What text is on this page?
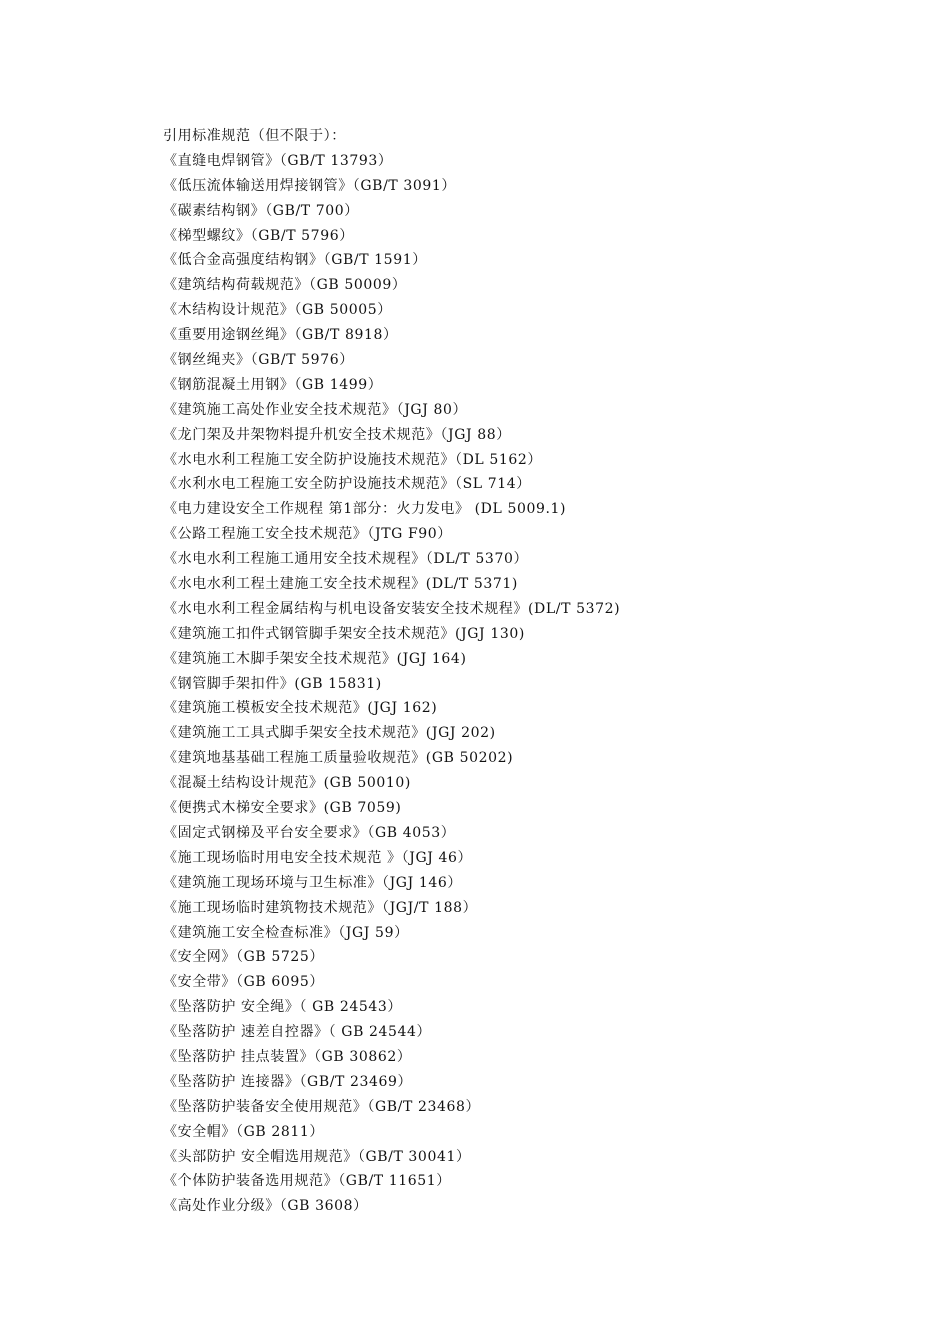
引用标准规范（但不限于）：
《直缝电焊钢管》（GB/T 13793）
《低压流体输送用焊接钢管》（GB/T 3091）
《碳素结构钢》（GB/T 700）
《梯型螺纹》（GB/T 5796）
《低合金高强度结构钢》（GB/T 1591）
《建筑结构荷载规范》（GB 50009）
《木结构设计规范》（GB 50005）
《重要用途钢丝绳》（GB/T 8918）
《钢丝绳夹》（GB/T 5976）
《钢筋混凝土用钢》（GB 1499）
《建筑施工高处作业安全技术规范》（JGJ 80）
《龙门架及井架物料提升机安全技术规范》（JGJ 88）
《水电水利工程施工安全防护设施技术规范》（DL 5162）
《水利水电工程施工安全防护设施技术规范》（SL 714）
《电力建设安全工作规程 第1部分：火力发电》 (DL 5009.1)
《公路工程施工安全技术规范》（JTG F90）
《水电水利工程施工通用安全技术规程》（DL/T 5370）
《水电水利工程土建施工安全技术规程》(DL/T 5371)
《水电水利工程金属结构与机电设备安装安全技术规程》(DL/T 5372)
《建筑施工扣件式钢管脚手架安全技术规范》(JGJ 130)
《建筑施工木脚手架安全技术规范》(JGJ 164)
《钢管脚手架扣件》(GB 15831)
《建筑施工模板安全技术规范》(JGJ 162)
《建筑施工工具式脚手架安全技术规范》(JGJ 202)
《建筑地基基础工程施工质量验收规范》(GB 50202)
《混凝土结构设计规范》(GB 50010)
《便携式木梯安全要求》(GB 7059)
《固定式钢梯及平台安全要求》（GB 4053）
《施工现场临时用电安全技术规范 》（JGJ 46）
《建筑施工现场环境与卫生标准》（JGJ 146）
《施工现场临时建筑物技术规范》（JGJ/T 188）
《建筑施工安全检查标准》（JGJ 59）
《安全网》（GB 5725）
《安全带》（GB 6095）
《坠落防护 安全绳》（ GB 24543）
《坠落防护 速差自控器》（ GB 24544）
《坠落防护 挂点装置》（GB 30862）
《坠落防护 连接器》（GB/T 23469）
《坠落防护装备安全使用规范》（GB/T 23468）
《安全帽》（GB 2811）
《头部防护 安全帽选用规范》（GB/T 30041）
《个体防护装备选用规范》（GB/T 11651）
《高处作业分级》（GB 3608）
